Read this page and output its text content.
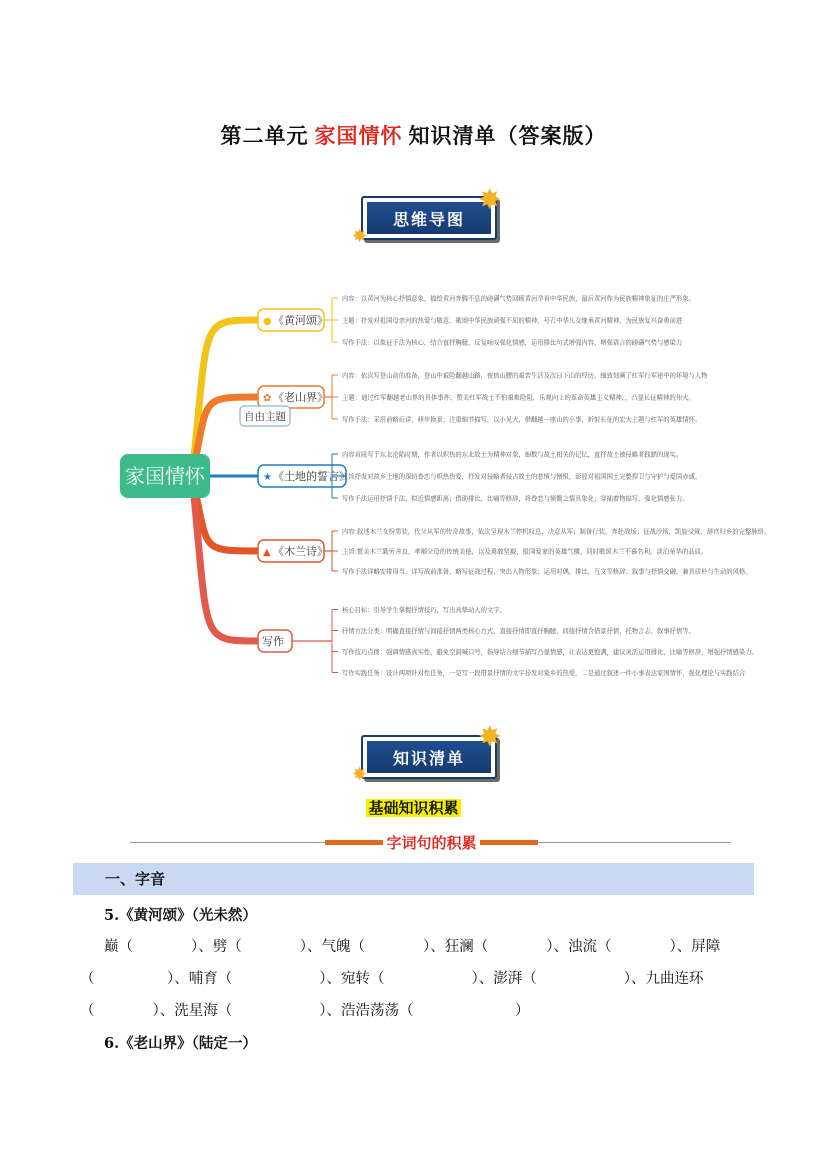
第二单元 家国情怀 知识清单（答案版）
思维导图
✸
✸
● 《黄河颂》
内容：以黄河为核心抒情意象，描绘黄河奔腾不息的磅礴气势回顾黄河孕育中华民族，最后黄河作为民族精神象征的庄严形象。
主题：抒发对祖国母亲河的热爱与敬意，歌颂中华民族顽强不屈的精神，号召中华儿女继承黄河精神，为民族复兴奋勇前进
写作手法：以象征手法为核心，结合直抒胸臆，反复咏叹强化情感，运用排比句式增强内容，增强语言的磅礴气势与感染力
✿ 《老山界》
内容：依次写登山前的准备，登山中艰险翻越山路，夜宿山腰的艰苦生活及次日下山的经历，细致刻画了红军行军途中的环境与人物
主题：通过红军翻越老山界的具体事件，赞美红军战士不怕艰难险阻，乐观向上的革命英雄主义精神，，凸显长征精神的伟大。
写作手法：采用前略后详，移步换景；注重细节描写，以小见大，借翻越一座山的小事，折射长征的宏大主题与红军的英雄情怀。
★ 《土地的誓言》
内容首段写于东北沦陷时期，作者以炽热的东北故土为精神对象，细数与故土相关的记忆，直抒故土被侵略者践踏的现实。
主旨抒发对故乡土地的深切眷恋与炽热热爱，抒发对侵略者侵占故土的悲愤与憎恨，彰显对祖国国土完整捍卫与守护与爱国赤诚。
写作手法运用抒情手法，拟近情感距离；借助排比，比喻等修辞，将眷恋与愤慨之情具象化；穿插着物描写，强化情感张力。
▲ 《木兰诗》
内容:叙述木兰女扮男装，代父从军的传奇故事，依次呈现木兰停机叹息，决意从军；制备行装，奔赴战场；征战沙场，凯旋受赏，辞官归乡的完整脉络。
主旨:赞美木兰勤劳善良，孝顺父母的传统美德，以及勇敢坚毅，报国爱家的英雄气概，同时歌颂木兰不慕名利，淡泊荣华的品质。
写作手法详略安排得当，详写战前准备，略写征战过程，突出人物形象；运用对偶，排比，互文等修辞；叙事与抒情交融，兼具质朴与生动的风格。
写作
核心目标：引导学生掌握抒情技巧，写出真挚动人的文字。
抒情方法分类：明确直接抒情与间接抒情两类核心方式，直接抒情即直抒胸臆，间接抒情含借景抒情，托物言志，叙事抒情等。
写作技巧点拨：强调情感真实性，避免空洞喊口号，指导结合细节描写凸显情感，让表达更饱满，建议灵活运用排比，比喻等修辞，增强抒情感染力。
写作实践任务：设计两项针对性任务，一是写一段借景抒情的文字抒发对家乡的热爱，二是通过叙述一件小事表达家国情怀，强化理论与实践结合
自由主题
家国情怀
知识清单
✸
✸
基础知识积累
字词句的积累
一、字音
5.《黄河颂》（光未然）
巅（　　　　）、劈（　　　　）、气魄（　　　　）、狂澜（　　　　）、浊流（　　　　）、屏障
（　　　　　）、哺育（　　　　　　）、宛转（　　　　　　）、澎湃（　　　　　　）、九曲连环
（　　　　）、洗星海（　　　　　　）、浩浩荡荡（　　　　　　　）
6.《老山界》（陆定一）
